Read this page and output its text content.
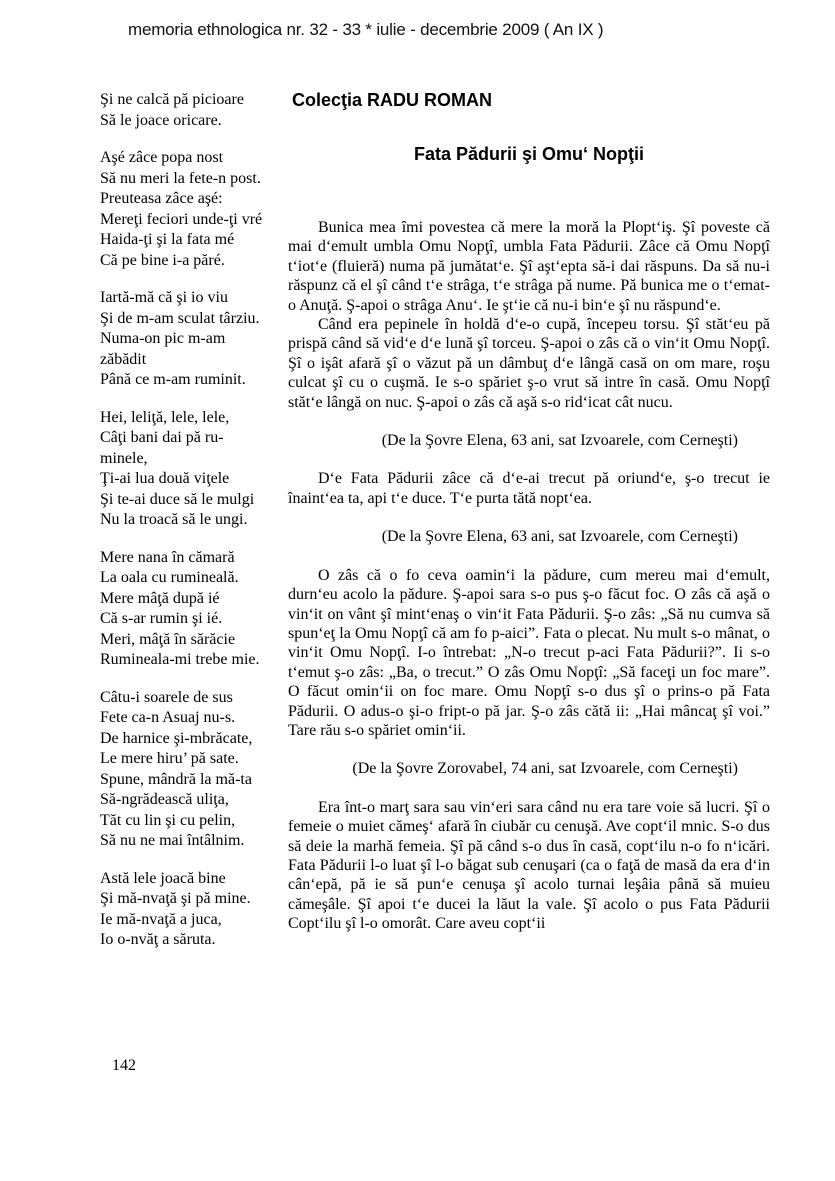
memoria ethnologica nr. 32 - 33 * iulie - decembrie 2009 ( An IX )
Şi ne calcă pă picioare
Să le joace oricare.
Aşé zâce popa nost
Să nu meri la fete-n post.
Preuteasa zâce aşé:
Mereţi feciori unde-ţi vré
Haida-ţi şi la fata mé
Că pe bine i-a păré.
Iartă-mă că şi io viu
Şi de m-am sculat târziu.
Numa-on pic m-am
zăbădit
Până ce m-am ruminit.
Hei, leliţă, lele, lele,
Câţi bani dai pă ru-
minele,
Ţi-ai lua două viţele
Şi te-ai duce să le mulgi
Nu la troacă să le ungi.
Mere nana în cămară
La oala cu rumineală.
Mere mâţă după ié
Că s-ar rumin şi ié.
Meri, mâţă în sărăcie
Rumineala-mi trebe mie.
Câtu-i soarele de sus
Fete ca-n Asuaj nu-s.
De harnice şi-mbrăcate,
Le mere hiru’ pă sate.
Spune, mândră la mă-ta
Să-ngrădească uliţa,
Tăt cu lin şi cu pelin,
Să nu ne mai întâlnim.
Astă lele joacă bine
Şi mă-nvaţă şi pă mine.
Ie mă-nvaţă a juca,
Io o-nvăţ a săruta.
Colecţia RADU ROMAN
Fata Pădurii şi Omu‘ Nopţii

Bunica mea îmi povestea că mere la moră la Plopt‘iş. Şî poveste că mai d‘emult umbla Omu Nopţî, umbla Fata Pădurii. Zâce că Omu Nopţî t‘iot‘e (fluieră) numa pă jumătat‘e. Şî aşt‘epta să-i dai răspuns. Da să nu-i răspunz că el şî când t‘e strâga, t‘e strâga pă nume. Pă bunica me o t‘emat-o Anuţă. Ş-apoi o strâga Anu‘. Ie şt‘ie că nu-i bin‘e şî nu răspund‘e.

Când era pepinele în holdă d‘e-o cupă, începeu torsu. Şî stăt‘eu pă prispă când să vid‘e d‘e lună şî torceu. Ş-apoi o zâs că o vin‘it Omu Nopţî. Şî o işât afară şî o văzut pă un dâmbuţ d‘e lângă casă on om mare, roşu culcat şî cu o cuşmă. Ie s-o spăriet ş-o vrut să intre în casă. Omu Nopţî stăt‘e lângă on nuc. Ş-apoi o zâs că aşă s-o rid‘icat cât nucu.

(De la Şovre Elena, 63 ani, sat Izvoarele, com Cerneşti)

D‘e Fata Pădurii zâce că d‘e-ai trecut pă oriund‘e, ş-o trecut ie înaint‘ea ta, api t‘e duce. T‘e purta tătă nopt‘ea.

(De la Şovre Elena, 63 ani, sat Izvoarele, com Cerneşti)

O zâs că o fo ceva oamin‘i la pădure, cum mereu mai d‘emult, durn‘eu acolo la pădure. Ş-apoi sara s-o pus ş-o făcut foc. O zâs că aşă o vin‘it on vânt şî mint‘enaş o vin‘it Fata Pădurii. Ş-o zâs: „Să nu cumva să spun‘eţ la Omu Nopţî că am fo p-aici”. Fata o plecat. Nu mult s-o mânat, o vin‘it Omu Nopţî. I-o întrebat: „N-o trecut p-aci Fata Pădurii?”. Ii s-o t‘emut ş-o zâs: „Ba, o trecut.” O zâs Omu Nopţî: „Să faceţi un foc mare”. O făcut omin‘ii on foc mare. Omu Nopţî s-o dus şî o prins-o pă Fata Pădurii. O adus-o şi-o fript-o pă jar. Ş-o zâs cătă ii: „Hai mâncaţ şî voi.” Tare rău s-o spăriet omin‘ii.

(De la Şovre Zorovabel, 74 ani, sat Izvoarele, com Cerneşti)

Era înt-o marţ sara sau vin‘eri sara când nu era tare voie să lucri. Şî o femeie o muiet cămeş‘ afară în ciubăr cu cenuşă. Ave copt‘il mnic. S-o dus să deie la marhă femeia. Şî pă când s-o dus în casă, copt‘ilu n-o fo n‘icări. Fata Pădurii l-o luat şî l-o băgat sub cenuşari (ca o faţă de masă da era d‘in cân‘epă, pă ie să pun‘e cenuşa şî acolo turnai leşâia până să muieu cămeşâle. Şî apoi t‘e ducei la lăut la vale. Şî acolo o pus Fata Pădurii Copt‘ilu şî l-o omorât. Care aveu copt‘ii

142
